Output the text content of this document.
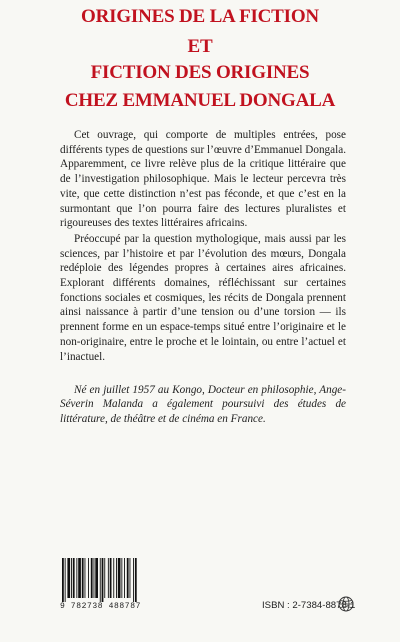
ORIGINES DE LA FICTION
ET
FICTION DES ORIGINES
CHEZ EMMANUEL DONGALA

Cet ouvrage, qui comporte de multiples entrées, pose différents types de questions sur l’œuvre d’Emmanuel Dongala. Apparemment, ce livre relève plus de la critique littéraire que de l’investigation philosophique. Mais le lecteur percevra très vite, que cette distinction n’est pas féconde, et que c’est en la surmontant que l’on pourra faire des lectures pluralistes et rigoureuses des textes littéraires africains.

Préoccupé par la question mythologique, mais aussi par les sciences, par l’histoire et par l’évolution des mœurs, Dongala redéploie des légendes propres à certaines aires africaines. Explorant différents domaines, réfléchissant sur certaines fonctions sociales et cosmiques, les récits de Dongala prennent ainsi naissance à partir d’une tension ou d’une torsion — ils prennent forme en un espace-temps situé entre l’originaire et le non-originaire, entre le proche et le lointain, ou entre l’actuel et l’inactuel.

Né en juillet 1957 au Kongo, Docteur en philosophie, Ange-Séverin Malanda a également poursuivi des études de littérature, de théâtre et de cinéma en France.

9 782738 488787	ISBN : 2-7384-8878-1
